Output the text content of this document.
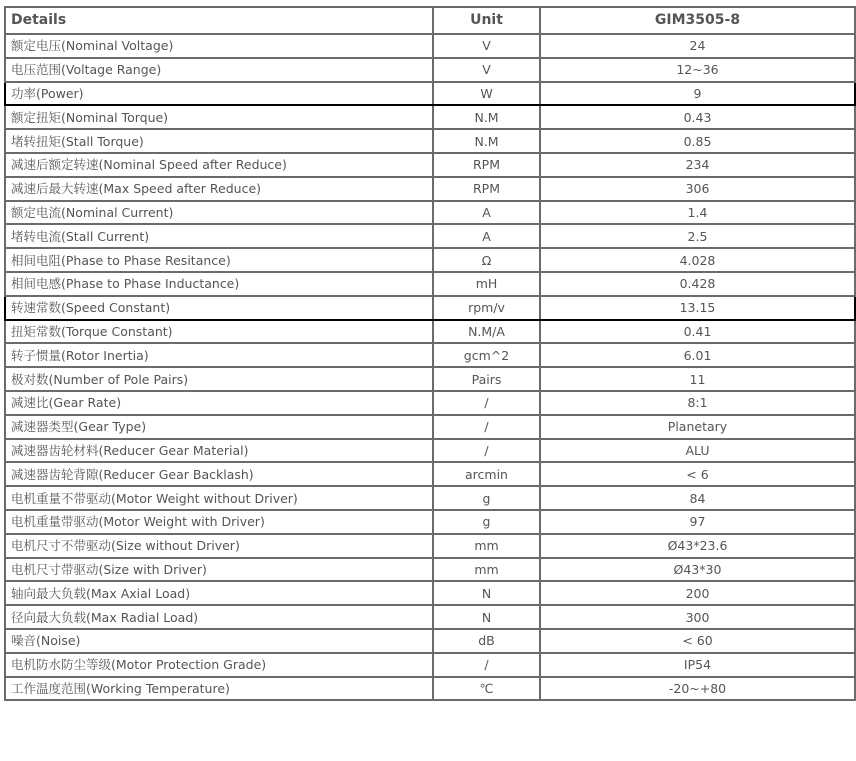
Details	Unit	GIM3505-8
额定电压(Nominal Voltage)	V	24
电压范围(Voltage Range)	V	12~36
功率(Power)	W	9
额定扭矩(Nominal Torque)	N.M	0.43
堵转扭矩(Stall Torque)	N.M	0.85
减速后额定转速(Nominal Speed after Reduce)	RPM	234
减速后最大转速(Max Speed after Reduce)	RPM	306
额定电流(Nominal Current)	A	1.4
堵转电流(Stall Current)	A	2.5
相间电阻(Phase to Phase Resitance)	Ω	4.028
相间电感(Phase to Phase Inductance)	mH	0.428
转速常数(Speed Constant)	rpm/v	13.15
扭矩常数(Torque Constant)	N.M/A	0.41
转子惯量(Rotor Inertia)	gcm^2	6.01
极对数(Number of Pole Pairs)	Pairs	11
减速比(Gear Rate)	/	8:1
减速器类型(Gear Type)	/	Planetary
减速器齿轮材料(Reducer Gear Material)	/	ALU
减速器齿轮背隙(Reducer Gear Backlash)	arcmin	< 6
电机重量不带驱动(Motor Weight without Driver)	g	84
电机重量带驱动(Motor Weight with Driver)	g	97
电机尺寸不带驱动(Size without Driver)	mm	Ø43*23.6
电机尺寸带驱动(Size with Driver)	mm	Ø43*30
轴向最大负载(Max Axial Load)	N	200
径向最大负载(Max Radial Load)	N	300
噪音(Noise)	dB	< 60
电机防水防尘等级(Motor Protection Grade)	/	IP54
工作温度范围(Working Temperature)	℃	-20~+80
